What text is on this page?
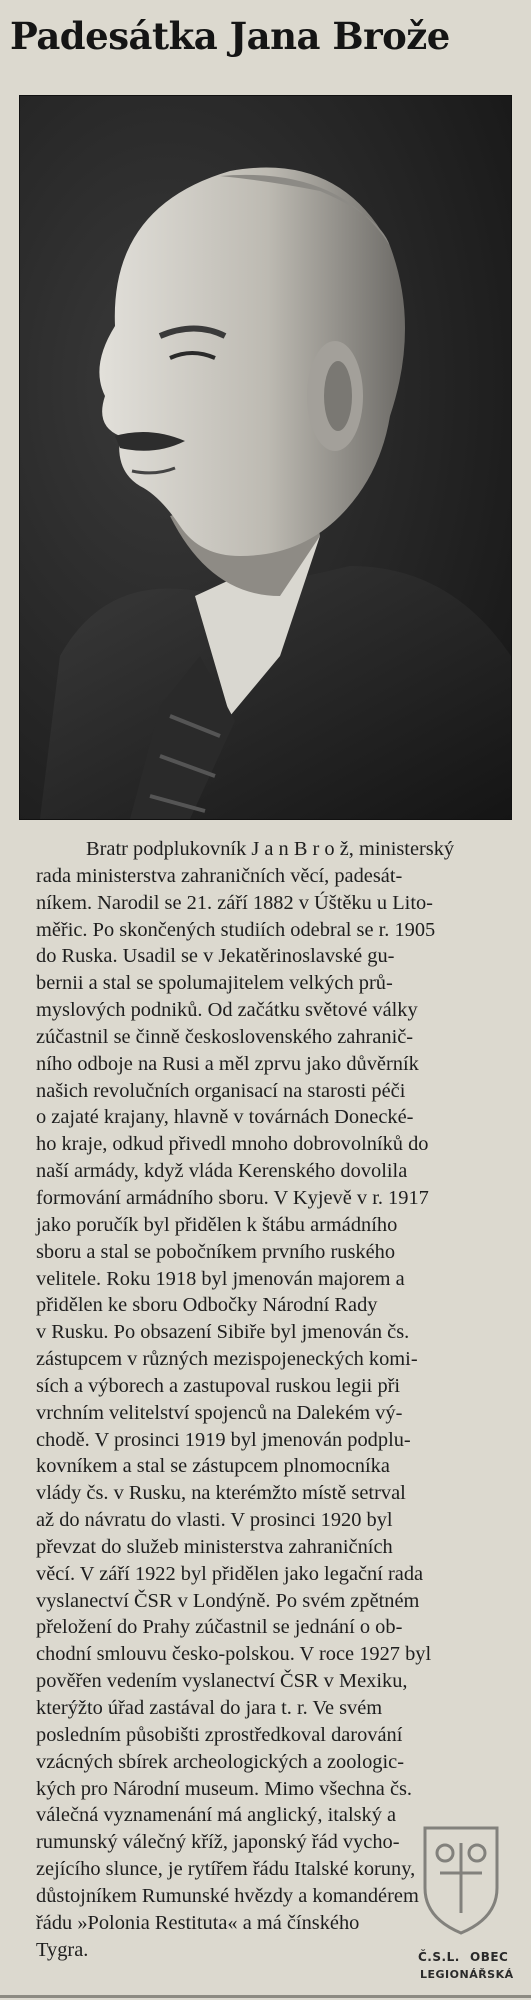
Padesátka Jana Brože
Bratr podplukovník J a n B r o ž, ministerský
rada ministerstva zahraničních věcí, padesát-
níkem. Narodil se 21. září 1882 v Úštěku u Lito-
měřic. Po skončených studiích odebral se r. 1905
do Ruska. Usadil se v Jekatěrinoslavské gu-
bernii a stal se spolumajitelem velkých prů-
myslových podniků. Od začátku světové války
zúčastnil se činně československého zahranič-
ního odboje na Rusi a měl zprvu jako důvěrník
našich revolučních organisací na starosti péči
o zajaté krajany, hlavně v továrnách Donecké-
ho kraje, odkud přivedl mnoho dobrovolníků do
naší armády, když vláda Kerenského dovolila
formování armádního sboru. V Kyjevě v r. 1917
jako poručík byl přidělen k štábu armádního
sboru a stal se pobočníkem prvního ruského
velitele. Roku 1918 byl jmenován majorem a
přidělen ke sboru Odbočky Národní Rady
v Rusku. Po obsazení Sibiře byl jmenován čs.
zástupcem v různých mezispojeneckých komi-
sích a výborech a zastupoval ruskou legii při
vrchním velitelství spojenců na Dalekém vý-
chodě. V prosinci 1919 byl jmenován podplu-
kovníkem a stal se zástupcem plnomocníka
vlády čs. v Rusku, na kterémžto místě setrval
až do návratu do vlasti. V prosinci 1920 byl
převzat do služeb ministerstva zahraničních
věcí. V září 1922 byl přidělen jako legační rada
vyslanectví ČSR v Londýně. Po svém zpětném
přeložení do Prahy zúčastnil se jednání o ob-
chodní smlouvu česko-polskou. V roce 1927 byl
pověřen vedením vyslanectví ČSR v Mexiku,
kterýžto úřad zastával do jara t. r. Ve svém
posledním působišti zprostředkoval darování
vzácných sbírek archeologických a zoologic-
kých pro Národní museum. Mimo všechna čs.
válečná vyznamenání má anglický, italský a
rumunský válečný kříž, japonský řád vycho-
zejícího slunce, je rytířem řádu Italské koruny,
důstojníkem Rumunské hvězdy a komandérem
řádu »Polonia Restituta« a má čínského
Tygra.	Č.S.L. OBEC
LEGIONÁŘSKÁ
